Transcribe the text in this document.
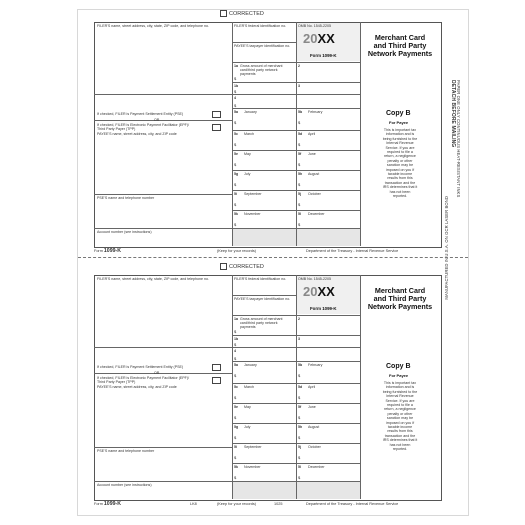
CORRECTED
FILER'S name, street address, city, state, ZIP code, and telephone no.	FILER'S federal identification no.
PAYEE'S taxpayer identification no.
OMB No. 1545-2205
20XX
Form 1099-K
Merchant Card
and Third Party
Network Payments
1a Gross amount of merchant
card/third party network
payments
$
2
1b
$
3
4
$
If checked, FILER is Payment Settlement Entity (PSE)
OR
If checked, FILER is Electronic Payment Facilitator (EPF)/
Third Party Payer (TPP)
PAYEE'S name, street address, city, and ZIP code
PSE'S name and telephone number
Account number (see instructions)
5a January
$
5b February
$
5c March
$
5d April
$
5e May
$
5f June
$
5g July
$
5h August
$
5i September
$
5j October
$
5k November
$
5l December
$
Copy B
For Payee
This is important tax
information and is
being furnished to the
Internal Revenue
Service. If you are
required to file a
return, a negligence
penalty or other
sanction may be
imposed on you if
taxable income
results from this
transaction and the
IRS determines that it
has not been
reported.
Form 1099-K	(Keep for your records)	Department of the Treasury - Internal Revenue Service
CORRECTED
FILER'S name, street address, city, state, ZIP code, and telephone no.	FILER'S federal identification no.
PAYEE'S taxpayer identification no.
OMB No. 1545-2205
20XX
Form 1099-K
Merchant Card
and Third Party
Network Payments
1a Gross amount of merchant
card/third party network
payments
$
2
1b
$
3
4
$
If checked, FILER is Payment Settlement Entity (PSE)
OR
If checked, FILER is Electronic Payment Facilitator (EPF)/
Third Party Payer (TPP)
PAYEE'S name, street address, city, and ZIP code
PSE'S name and telephone number
Account number (see instructions)
5a January
$
5b February
$
5c March
$
5d April
$
5e May
$
5f June
$
5g July
$
5h August
$
5i September
$
5j October
$
5k November
$
5l December
$
Copy B
For Payee
This is important tax
information and is
being furnished to the
Internal Revenue
Service. If you are
required to file a
return, a negligence
penalty or other
sanction may be
imposed on you if
taxable income
results from this
transaction and the
IRS determines that it
has not been
reported.
Form 1099-K	(Keep for your records)	Department of the Treasury - Internal Revenue Service
LK8	1025
DETACH BEFORE MAILING PAPER ONE ONLY CONTINUOUS HEAT-RESISTANT INKS
MANUFACTURED IN U.S.A. ON OCR LASER BOND
